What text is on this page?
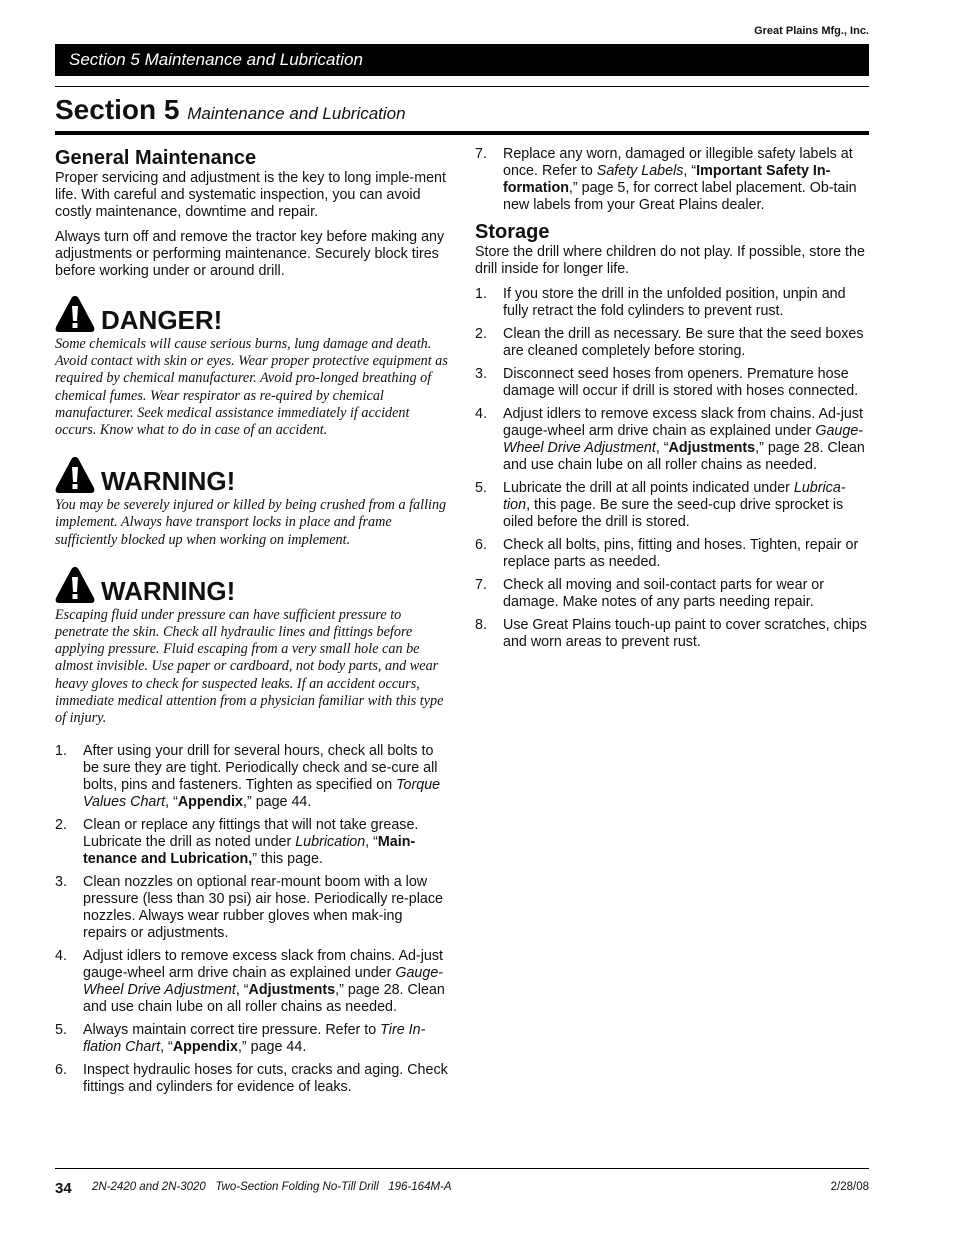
Great Plains Mfg., Inc.
Section 5 Maintenance and Lubrication
Section 5 Maintenance and Lubrication
General Maintenance

Proper servicing and adjustment is the key to long imple-ment life. With careful and systematic inspection, you can avoid costly maintenance, downtime and repair.

Always turn off and remove the tractor key before making any adjustments or performing maintenance. Securely block tires before working under or around drill.

DANGER!
Some chemicals will cause serious burns, lung damage and death. Avoid contact with skin or eyes. Wear proper protective equipment as required by chemical manufacturer. Avoid pro-longed breathing of chemical fumes. Wear respirator as re-quired by chemical manufacturer. Seek medical assistance immediately if accident occurs. Know what to do in case of an accident.
WARNING!
You may be severely injured or killed by being crushed from a falling implement. Always have transport locks in place and frame sufficiently blocked up when working on implement.
WARNING!
Escaping fluid under pressure can have sufficient pressure to penetrate the skin. Check all hydraulic lines and fittings before applying pressure. Fluid escaping from a very small hole can be almost invisible. Use paper or cardboard, not body parts, and wear heavy gloves to check for suspected leaks. If an accident occurs, immediate medical attention from a physician familiar with this type of injury.
1.	After using your drill for several hours, check all bolts to be sure they are tight. Periodically check and se-cure all bolts, pins and fasteners. Tighten as specified on Torque Values Chart, “Appendix,” page 44.
2.	Clean or replace any fittings that will not take grease. Lubricate the drill as noted under Lubrication, “Main-tenance and Lubrication,” this page.
3.	Clean nozzles on optional rear-mount boom with a low pressure (less than 30 psi) air hose. Periodically re-place nozzles. Always wear rubber gloves when mak-ing repairs or adjustments.
4.	Adjust idlers to remove excess slack from chains. Ad-just gauge-wheel arm drive chain as explained under Gauge-Wheel Drive Adjustment, “Adjustments,” page 28. Clean and use chain lube on all roller chains as needed.
5.	Always maintain correct tire pressure. Refer to Tire In-flation Chart, “Appendix,” page 44.
6.	Inspect hydraulic hoses for cuts, cracks and aging. Check fittings and cylinders for evidence of leaks.
7.	Replace any worn, damaged or illegible safety labels at once. Refer to Safety Labels, “Important Safety In-formation,” page 5, for correct label placement. Ob-tain new labels from your Great Plains dealer.
Storage

Store the drill where children do not play. If possible, store the drill inside for longer life.

1.	If you store the drill in the unfolded position, unpin and fully retract the fold cylinders to prevent rust.
2.	Clean the drill as necessary. Be sure that the seed boxes are cleaned completely before storing.
3.	Disconnect seed hoses from openers. Premature hose damage will occur if drill is stored with hoses connected.
4.	Adjust idlers to remove excess slack from chains. Ad-just gauge-wheel arm drive chain as explained under Gauge-Wheel Drive Adjustment, “Adjustments,” page 28. Clean and use chain lube on all roller chains as needed.
5.	Lubricate the drill at all points indicated under Lubrica-tion, this page. Be sure the seed-cup drive sprocket is oiled before the drill is stored.
6.	Check all bolts, pins, fitting and hoses. Tighten, repair or replace parts as needed.
7.	Check all moving and soil-contact parts for wear or damage. Make notes of any parts needing repair.
8.	Use Great Plains touch-up paint to cover scratches, chips and worn areas to prevent rust.
34 2N-2420 and 2N-3020   Two-Section Folding No-Till Drill   196-164M-A	2/28/08
